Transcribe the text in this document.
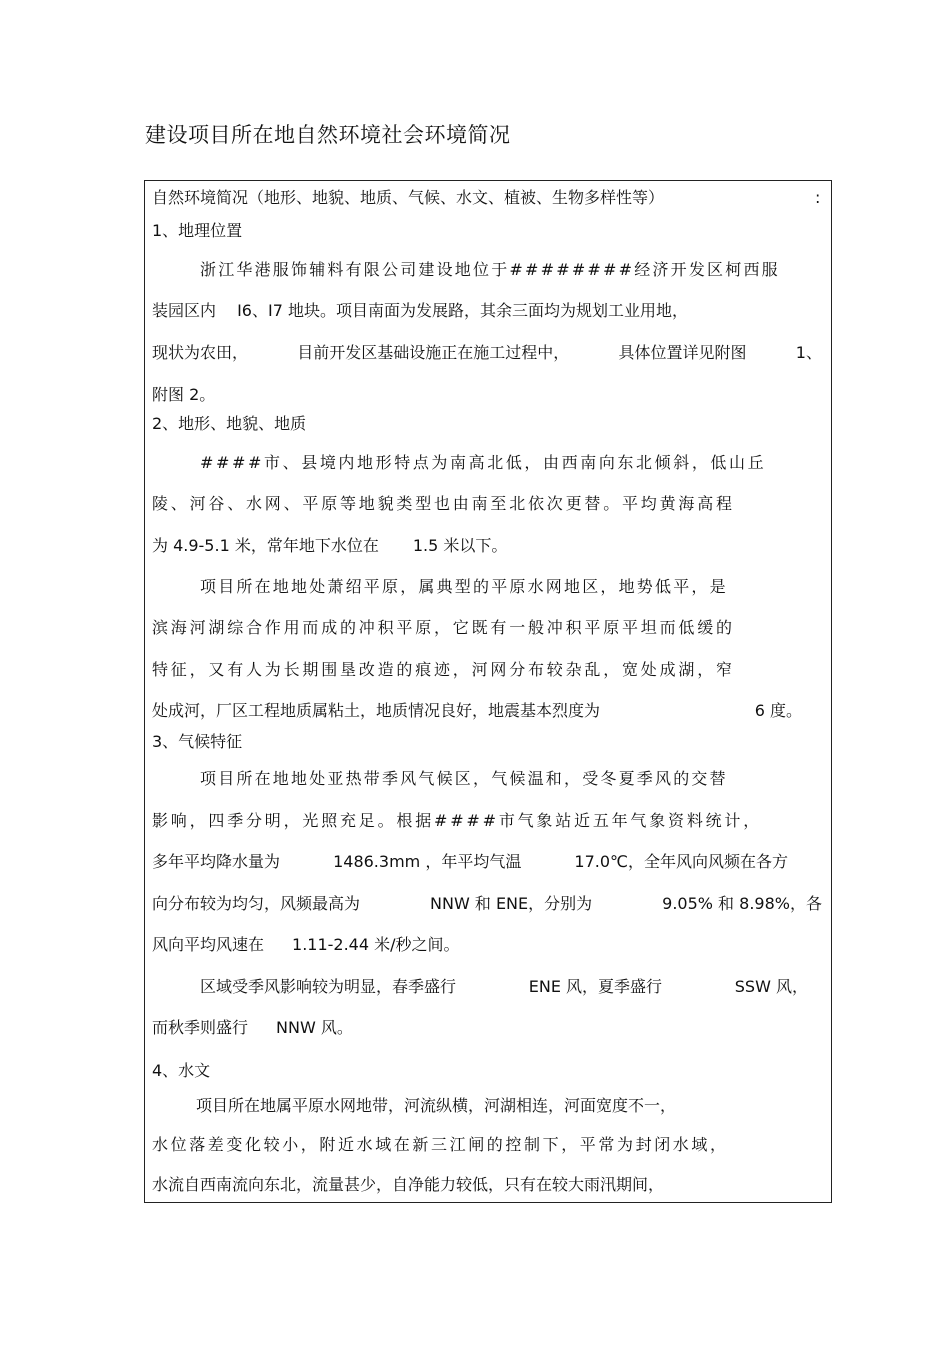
建设项目所在地自然环境社会环境简况
自然环境简况（地形、地貌、地质、气候、水文、植被、生物多样性等）	:
1、地理位置
浙江华港服饰辅料有限公司建设地位于########经济开发区柯西服
装园区内　 I6、I7 地块。项目南面为发展路，其余三面均为规划工业用地，
现状为农田，	目前开发区基础设施正在施工过程中，	具体位置详见附图	1、
附图 2。
2、地形、地貌、地质
####市、县境内地形特点为南高北低，由西南向东北倾斜，低山丘
陵、河谷、水网、平原等地貌类型也由南至北依次更替。平均黄海高程
为 4.9-5.1 米，常年地下水位在 1.5 米以下。
项目所在地地处萧绍平原，属典型的平原水网地区，地势低平，是
滨海河湖综合作用而成的冲积平原，它既有一般冲积平原平坦而低缓的
特征，又有人为长期围垦改造的痕迹，河网分布较杂乱，宽处成湖，窄
处成河，厂区工程地质属粘土，地质情况良好，地震基本烈度为	6 度。
3、气候特征
项目所在地地处亚热带季风气候区，气候温和，受冬夏季风的交替
影响，四季分明，光照充足。根据####市气象站近五年气象资料统计，
多年平均降水量为	1486.3mm ，年平均气温	17.0℃，全年风向风频在各方
向分布较为均匀，风频最高为	NNW 和 ENE，分别为	9.05% 和 8.98%，各
风向平均风速在 1.11-2.44 米/秒之间。
区域受季风影响较为明显，春季盛行	ENE 风，夏季盛行	SSW 风，
而秋季则盛行 NNW 风。
4、水文
项目所在地属平原水网地带，河流纵横，河湖相连，河面宽度不一，
水位落差变化较小，附近水域在新三江闸的控制下，平常为封闭水域，
水流自西南流向东北，流量甚少，自净能力较低，只有在较大雨汛期间，
